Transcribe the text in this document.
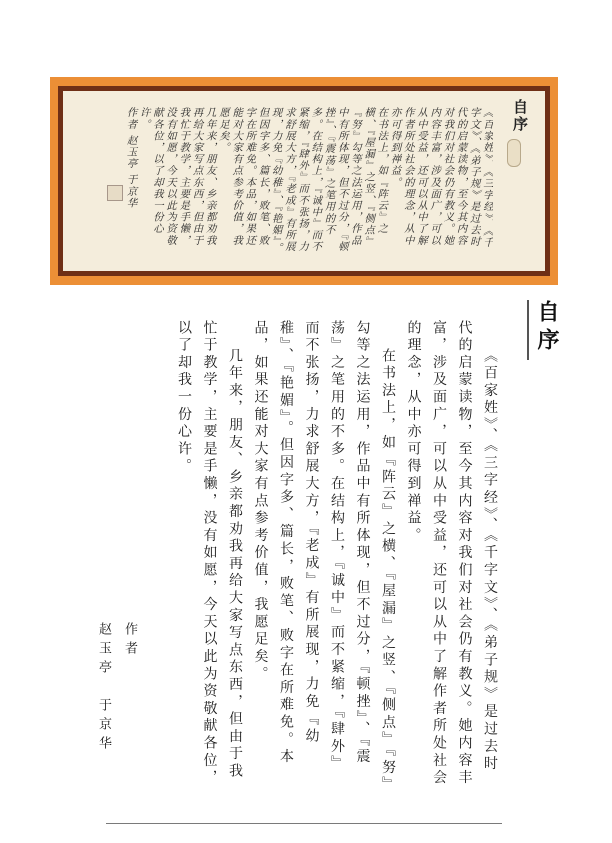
自序

《百家姓》、《三字经》、《千字文》、《弟子规》是过去时代的启蒙读物，至今其内容对我们对社会仍有教义。她内容丰富，涉及面广，可以从中受益，还可以从中了解作者所处社会的理念，从中亦可得到禅益。

在书法上，如『阵云』之横、『屋漏』之竖、『侧点』『努』勾等之法运用，作品中有所体现，但不过分，『顿挫』、『震荡』之笔用的不多。在结构上，『诚中』而不紧缩，『肆外』而不张扬，力求舒展大方，『老成』有所展现，力免『幼稚』、『艳媚』。但因字多、篇长，败笔、败字在所难免。本品，如果还能对大家有点参考价值，我愿足矣。

几年来，朋友、乡亲都劝我再给大家写点东西，但由于我忙于教学，主要是手懒，没有如愿，今天以此为资敬献各位，以了却我一份心许。

作者 赵玉亭 于京华

自序

《百家姓》、《三字经》、《千字文》、《弟子规》是过去时代的启蒙读物，至今其内容对我们对社会仍有教义。她内容丰富，涉及面广，可以从中受益，还可以从中了解作者所处社会的理念，从中亦可得到禅益。

在书法上，如『阵云』之横、『屋漏』之竖、『侧点』『努』勾等之法运用，作品中有所体现，但不过分，『顿挫』、『震荡』之笔用的不多。在结构上，『诚中』而不紧缩，『肆外』而不张扬，力求舒展大方，『老成』有所展现，力免『幼稚』、『艳媚』。但因字多、篇长，败笔、败字在所难免。本品，如果还能对大家有点参考价值，我愿足矣。

几年来，朋友、乡亲都劝我再给大家写点东西，但由于我忙于教学，主要是手懒，没有如愿，今天以此为资敬献各位，以了却我一份心许。

作者
赵玉亭　于京华
